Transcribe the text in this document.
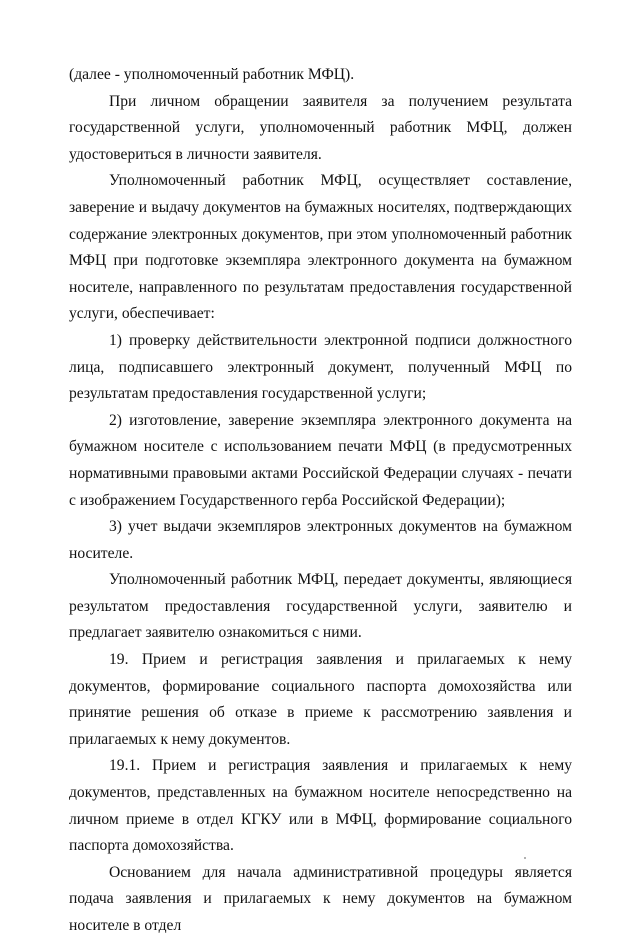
(далее - уполномоченный работник МФЦ).

При личном обращении заявителя за получением результата государственной услуги, уполномоченный работник МФЦ, должен удостовериться в личности заявителя.

Уполномоченный работник МФЦ, осуществляет составление, заверение и выдачу документов на бумажных носителях, подтверждающих содержание электронных документов, при этом уполномоченный работник МФЦ при подготовке экземпляра электронного документа на бумажном носителе, направленного по результатам предоставления государственной услуги, обеспечивает:

1) проверку действительности электронной подписи должностного лица, подписавшего электронный документ, полученный МФЦ по результатам предоставления государственной услуги;

2) изготовление, заверение экземпляра электронного документа на бумажном носителе с использованием печати МФЦ (в предусмотренных нормативными правовыми актами Российской Федерации случаях - печати с изображением Государственного герба Российской Федерации);

3) учет выдачи экземпляров электронных документов на бумажном носителе.

Уполномоченный работник МФЦ, передает документы, являющиеся результатом предоставления государственной услуги, заявителю и предлагает заявителю ознакомиться с ними.

19. Прием и регистрация заявления и прилагаемых к нему документов, формирование социального паспорта домохозяйства или принятие решения об отказе в приеме к рассмотрению заявления и прилагаемых к нему документов.

19.1. Прием и регистрация заявления и прилагаемых к нему документов, представленных на бумажном носителе непосредственно на личном приеме в отдел КГКУ или в МФЦ, формирование социального паспорта домохозяйства.

Основанием для начала административной процедуры является подача заявления и прилагаемых к нему документов на бумажном носителе в отдел
